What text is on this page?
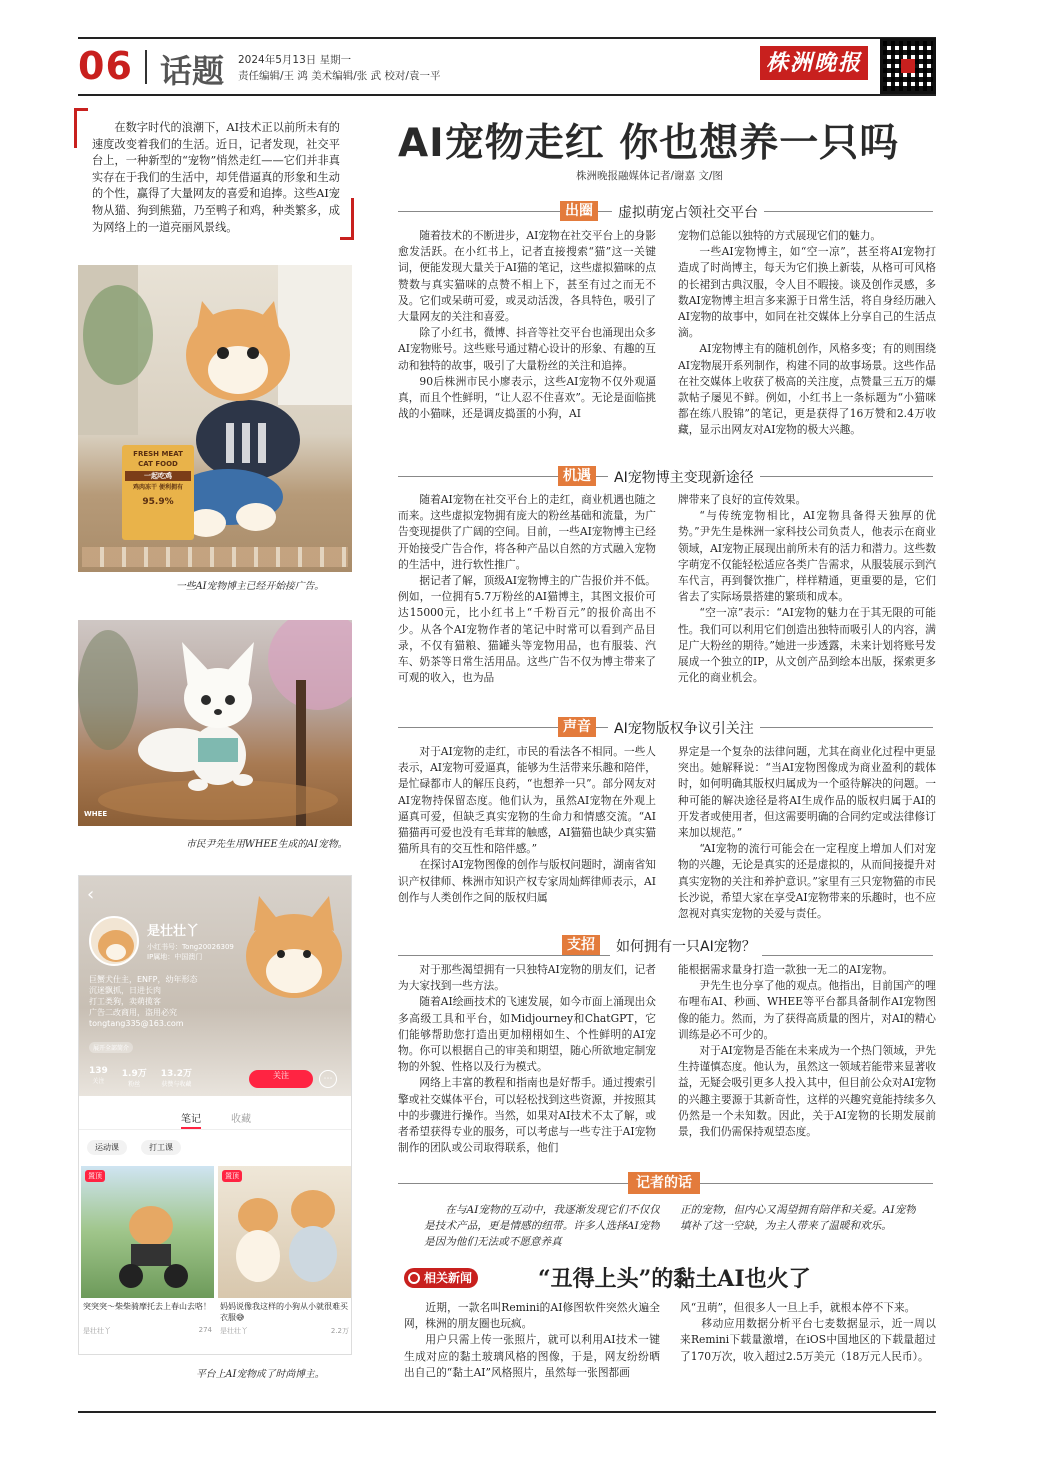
06 话题 2024年5月13日 星期一
责任编辑/王 鸿 美术编辑/张 武 校对/袁一平	株洲晚报
在数字时代的浪潮下，AI技术正以前所未有的速度改变着我们的生活。近日，记者发现，社交平台上，一种新型的“宠物”悄然走红——它们并非真实存在于我们的生活中，却凭借逼真的形象和生动的个性，赢得了大量网友的喜爱和追捧。这些AI宠物从猫、狗到熊猫，乃至鸭子和鸡，种类繁多，成为网络上的一道亮丽风景线。
AI宠物走红 你也想养一只吗
株洲晚报融媒体记者/谢嘉 文/图
出圈	虚拟萌宠占领社交平台

随着技术的不断进步，AI宠物在社交平台上的身影愈发活跃。在小红书上，记者直接搜索“猫”这一关键词，便能发现大量关于AI猫的笔记，这些虚拟猫咪的点赞数与真实猫咪的点赞不相上下，甚至有过之而无不及。它们或呆萌可爱，或灵动活泼，各具特色，吸引了大量网友的关注和喜爱。

除了小红书，微博、抖音等社交平台也涌现出众多AI宠物账号。这些账号通过精心设计的形象、有趣的互动和独特的故事，吸引了大量粉丝的关注和追捧。

90后株洲市民小廖表示，这些AI宠物不仅外观逼真，而且个性鲜明，“让人忍不住喜欢”。无论是面临挑战的小猫咪，还是调皮捣蛋的小狗，AI

宠物们总能以独特的方式展现它们的魅力。

一些AI宠物博主，如“空一凉”，甚至将AI宠物打造成了时尚博主，每天为它们换上新装，从格可可风格的长裙到古典汉服，令人目不暇接。谈及创作灵感，多数AI宠物博主坦言多来源于日常生活，将自身经历融入AI宠物的故事中，如同在社交媒体上分享自己的生活点滴。

AI宠物博主有的随机创作，风格多变；有的则围绕AI宠物展开系列制作，构建不同的故事场景。这些作品在社交媒体上收获了极高的关注度，点赞量三五万的爆款帖子屡见不鲜。例如，小红书上一条标题为“小猫咪都在练八股锦”的笔记，更是获得了16万赞和2.4万收藏，显示出网友对AI宠物的极大兴趣。

机遇	AI宠物博主变现新途径

随着AI宠物在社交平台上的走红，商业机遇也随之而来。这些虚拟宠物拥有庞大的粉丝基础和流量，为广告变现提供了广阔的空间。目前，一些AI宠物博主已经开始接受广告合作，将各种产品以自然的方式融入宠物的生活中，进行软性推广。

据记者了解，顶级AI宠物博主的广告报价并不低。例如，一位拥有5.7万粉丝的AI猫博主，其图文报价可达15000元，比小红书上“千粉百元”的报价高出不少。从各个AI宠物作者的笔记中时常可以看到产品目录，不仅有猫粮、猫罐头等宠物用品，也有服装、汽车、奶茶等日常生活用品。这些广告不仅为博主带来了可观的收入，也为品

牌带来了良好的宣传效果。

“与传统宠物相比，AI宠物具备得天独厚的优势。”尹先生是株洲一家科技公司负责人，他表示在商业领域，AI宠物正展现出前所未有的活力和潜力。这些数字萌宠不仅能轻松适应各类广告需求，从服装展示到汽车代言，再到餐饮推广，样样精通，更重要的是，它们省去了实际场景搭建的繁琐和成本。

“空一凉”表示：“AI宠物的魅力在于其无限的可能性。我们可以利用它们创造出独特而吸引人的内容，满足广大粉丝的期待。”她进一步透露，未来计划将账号发展成一个独立的IP，从文创产品到绘本出版，探索更多元化的商业机会。

声音	AI宠物版权争议引关注

对于AI宠物的走红，市民的看法各不相同。一些人表示，AI宠物可爱逼真，能够为生活带来乐趣和陪伴，是忙碌都市人的解压良药，“也想养一只”。部分网友对AI宠物持保留态度。他们认为，虽然AI宠物在外观上逼真可爱，但缺乏真实宠物的生命力和情感交流。“AI猫猫再可爱也没有毛茸茸的触感，AI猫猫也缺少真实猫猫所具有的交互性和陪伴感。”

在探讨AI宠物图像的创作与版权问题时，湖南省知识产权律师、株洲市知识产权专家周灿辉律师表示，AI创作与人类创作之间的版权归属

界定是一个复杂的法律问题，尤其在商业化过程中更显突出。她解释说：“当AI宠物图像成为商业盈利的载体时，如何明确其版权归属成为一个亟待解决的问题。一种可能的解决途径是将AI生成作品的版权归属于AI的开发者或使用者，但这需要明确的合同约定或法律修订来加以规范。”

“AI宠物的流行可能会在一定程度上增加人们对宠物的兴趣，无论是真实的还是虚拟的，从而间接提升对真实宠物的关注和养护意识。”家里有三只宠物猫的市民长沙说，希望大家在享受AI宠物带来的乐趣时，也不应忽视对真实宠物的关爱与责任。

支招	如何拥有一只AI宠物？

对于那些渴望拥有一只独特AI宠物的朋友们，记者为大家找到一些方法。

随着AI绘画技术的飞速发展，如今市面上涌现出众多高级工具和平台，如Midjourney和ChatGPT，它们能够帮助您打造出更加栩栩如生、个性鲜明的AI宠物。你可以根据自己的审美和期望，随心所欲地定制宠物的外貌、性格以及行为模式。

网络上丰富的教程和指南也是好帮手。通过搜索引擎或社交媒体平台，可以轻松找到这些资源，并按照其中的步骤进行操作。当然，如果对AI技术不太了解，或者希望获得专业的服务，可以考虑与一些专注于AI宠物制作的团队或公司取得联系，他们

能根据需求量身打造一款独一无二的AI宠物。

尹先生也分享了他的观点。他指出，目前国产的哩布哩布AI、秒画、WHEE等平台都具备制作AI宠物图像的能力。然而，为了获得高质量的图片，对AI的精心训练是必不可少的。

对于AI宠物是否能在未来成为一个热门领域，尹先生持谨慎态度。他认为，虽然这一领域若能带来显著收益，无疑会吸引更多人投入其中，但目前公众对AI宠物的兴趣主要源于其新奇性，这样的兴趣究竟能持续多久仍然是一个未知数。因此，关于AI宠物的长期发展前景，我们仍需保持观望态度。

记者的话

在与AI宠物的互动中，我逐渐发现它们不仅仅是技术产品，更是情感的纽带。许多人选择AI宠物是因为他们无法或不愿意养真

正的宠物，但内心又渴望拥有陪伴和关爱。AI宠物填补了这一空缺，为主人带来了温暖和欢乐。

相关新闻	“丑得上头”的黏土AI也火了

近期，一款名叫Remini的AI修图软件突然火遍全网，株洲的朋友圈也玩疯。

用户只需上传一张照片，就可以利用AI技术一键生成对应的黏土玻璃风格的图像，于是，网友纷纷晒出自己的“黏土AI”风格照片，虽然每一张图都画

风“丑萌”，但很多人一旦上手，就根本停不下来。

移动应用数据分析平台七麦数据显示，近一周以来Remini下载量激增，在iOS中国地区的下载量超过了170万次，收入超过2.5万美元（18万元人民币）。

FRESH MEAT
CAT FOOD
一起吃鸡
鸡肉冻干 便利拥有
95.9%
一些AI宠物博主已经开始接广告。
WHEE
市民尹先生用WHEE生成的AI宠物。
‹
是壮壮丫
小红书号：Tong20026309
IP属地：中国澳门
巨蟹犬仕主，ENFP，幼年形态
沉迷飘抓，日进长肉
打工类狗，卖萌揽客
广告二改商用，盗用必究
tongtang335@163.com
展开全部简介
139
关注
1.9万
粉丝
13.2万
获赞与收藏
关注	⋯
笔记	收藏
运动课	打工课
置顶
突突突～柴柴骑摩托去上春山去咯！
是壮壮丫	274
置顶
妈妈说像我这样的小狗从小就很难买衣服😅
是壮壮丫	2.2万
平台上AI宠物成了时尚博主。
